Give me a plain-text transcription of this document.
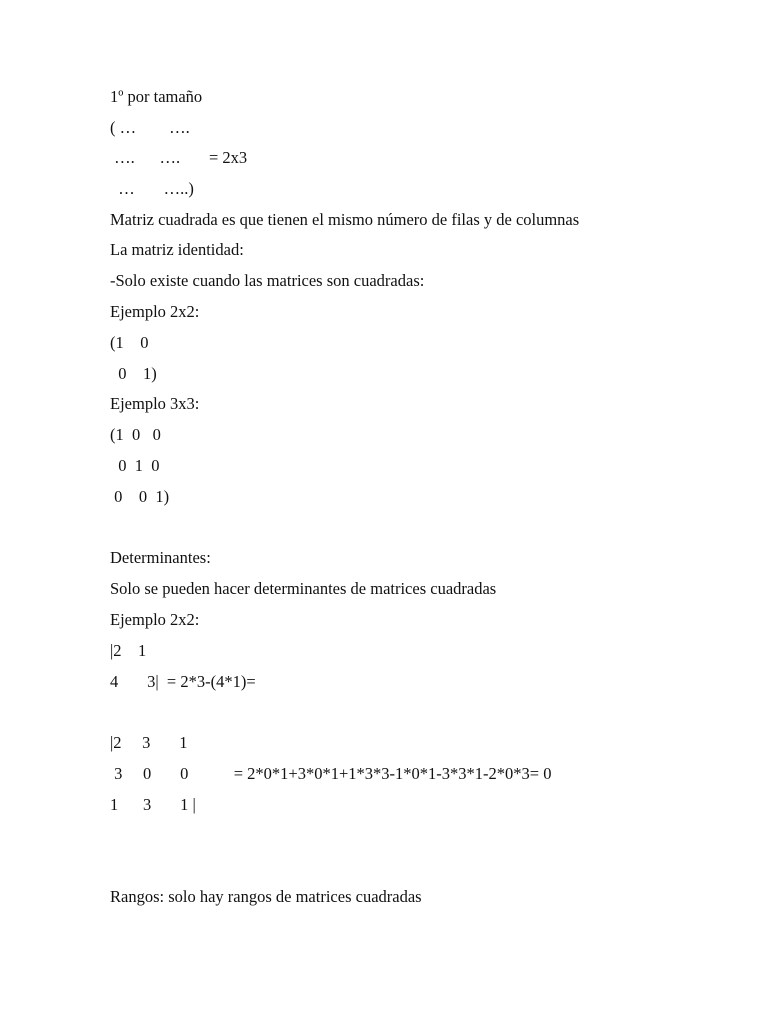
1º por tamaño
( …        ….
….      ….       = 2x3
…       …..)
Matriz cuadrada es que tienen el mismo número de filas y de columnas
La matriz identidad:
-Solo existe cuando las matrices son cuadradas:
Ejemplo 2x2:
(1    0
0    1)
Ejemplo 3x3:
(1  0   0
0  1  0
0    0  1)
Determinantes:
Solo se pueden hacer determinantes de matrices cuadradas
Ejemplo 2x2:
|2    1
4       3|  = 2*3-(4*1)=
|2     3       1
3     0       0           = 2*0*1+3*0*1+1*3*3-1*0*1-3*3*1-2*0*3= 0
1      3       1 |
Rangos: solo hay rangos de matrices cuadradas
